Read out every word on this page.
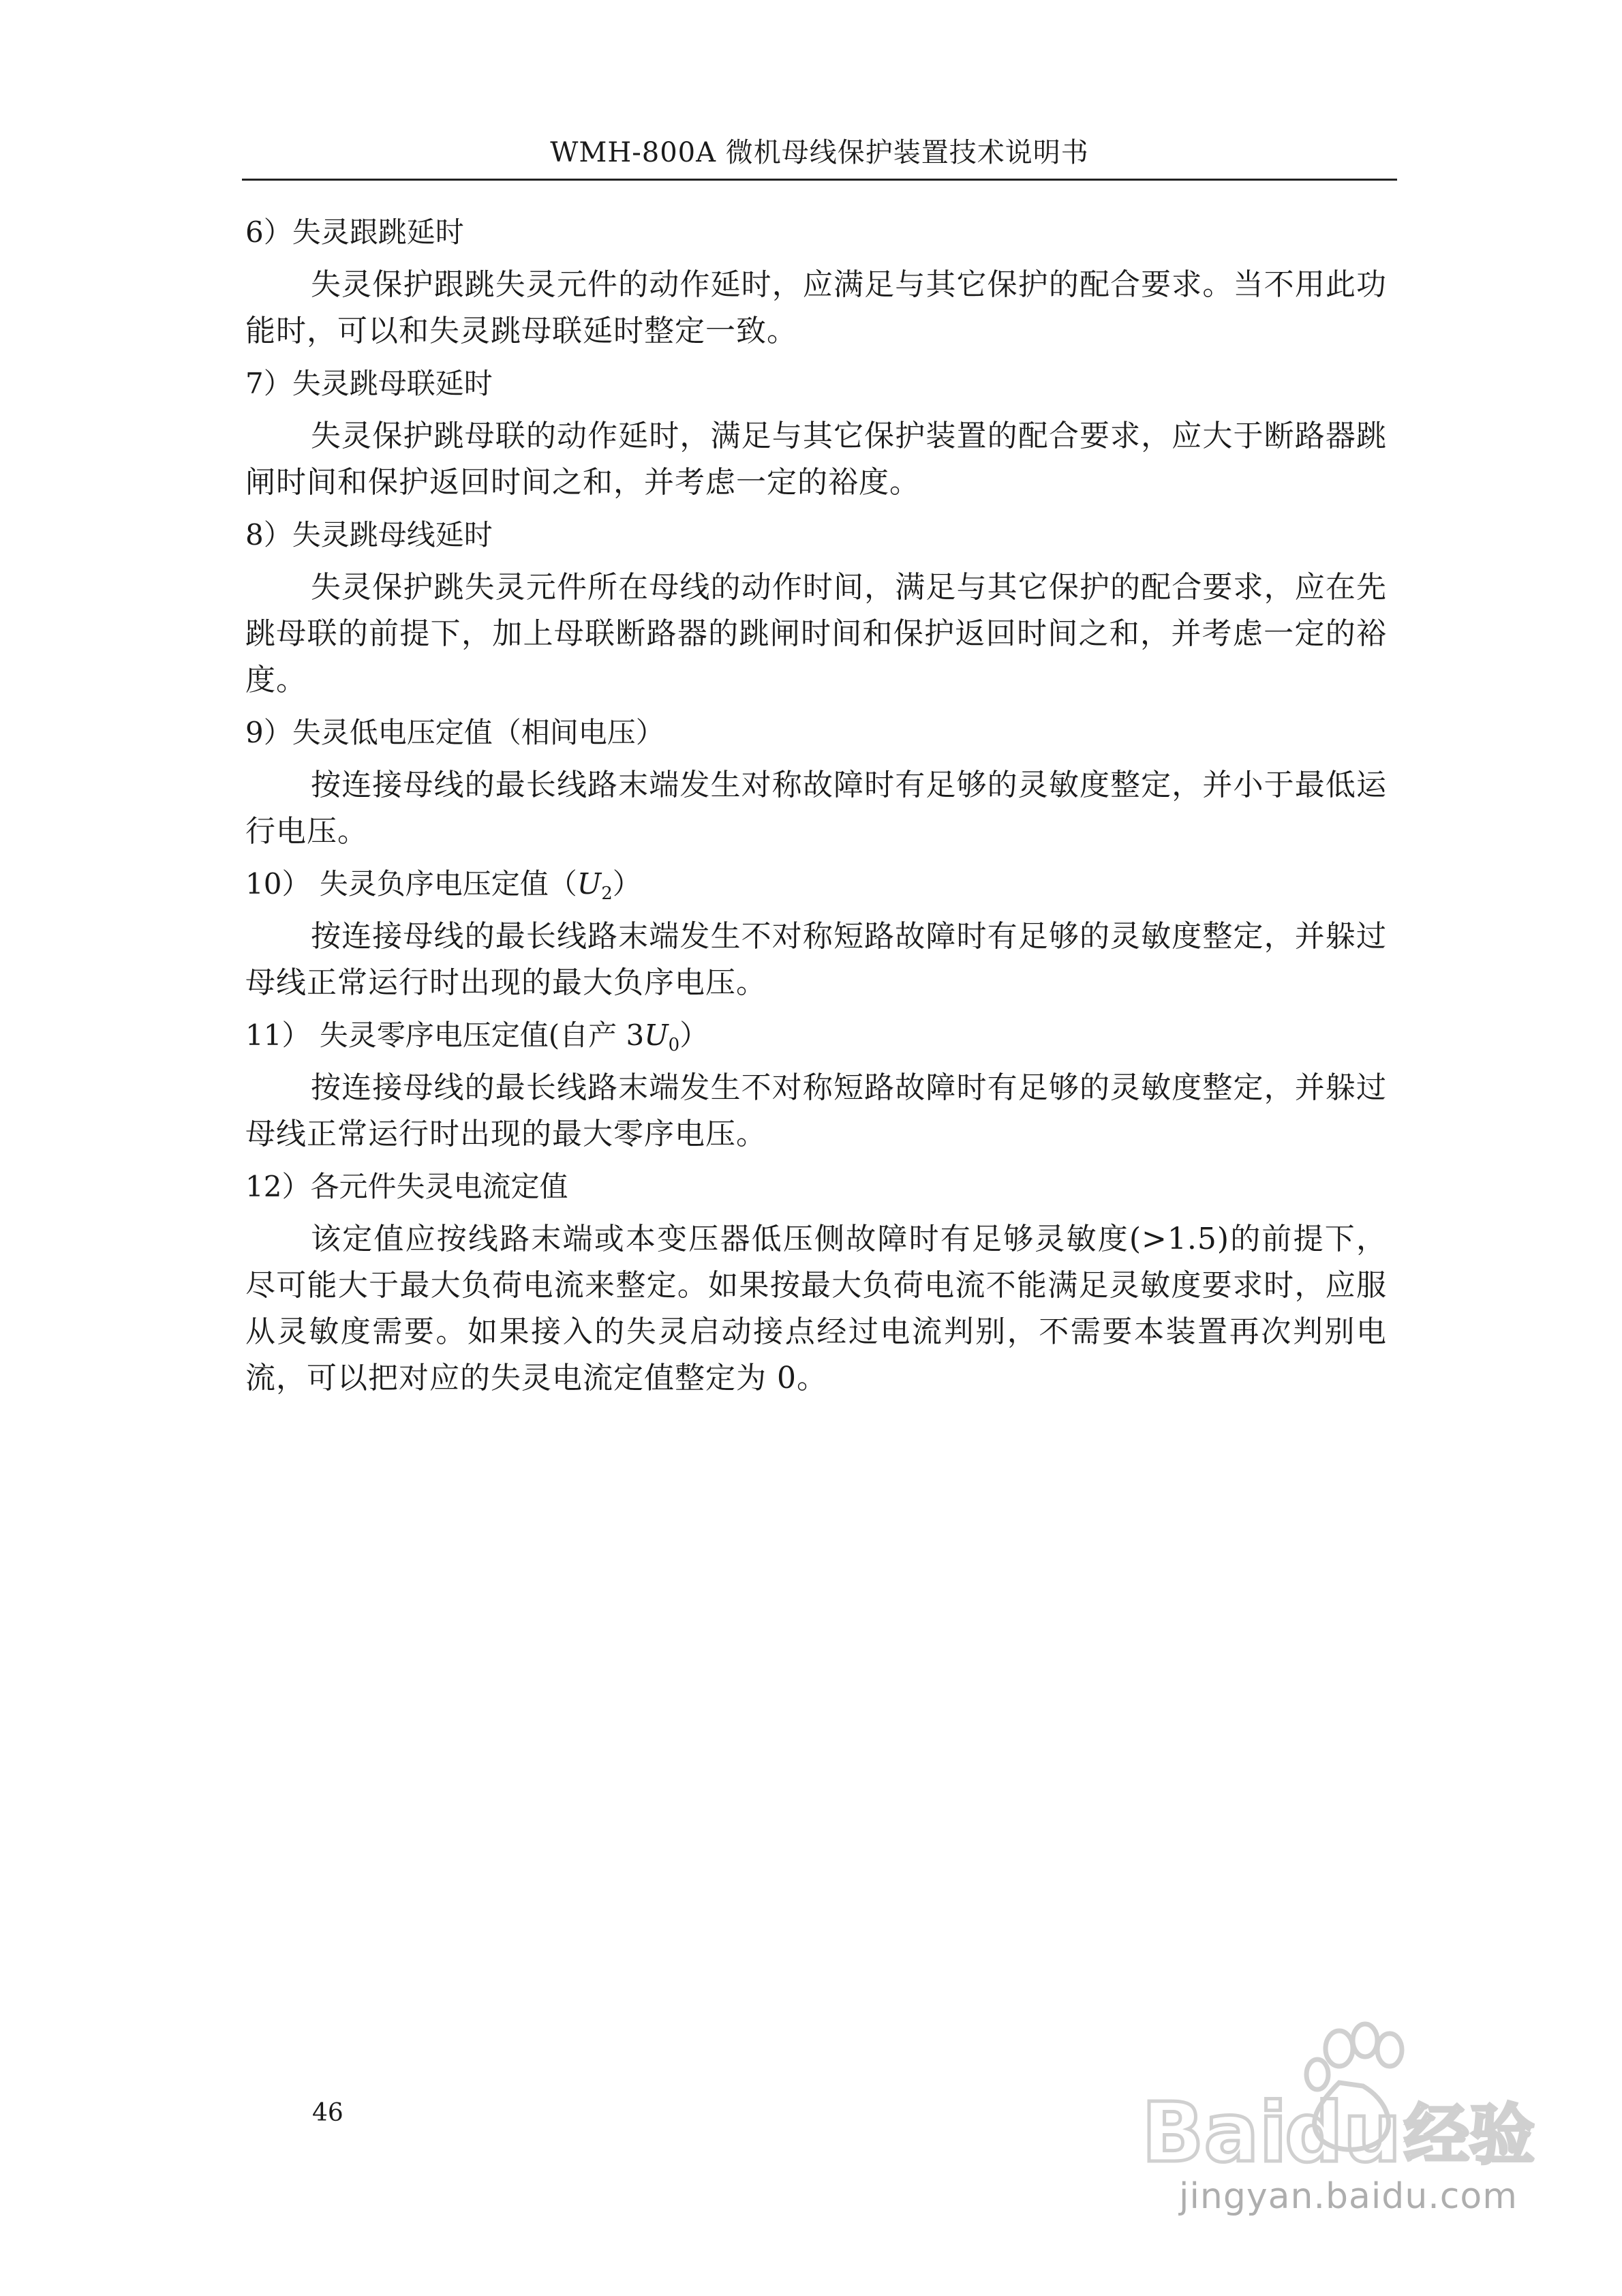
WMH-800A 微机母线保护装置技术说明书
6）失灵跟跳延时

失灵保护跟跳失灵元件的动作延时，应满足与其它保护的配合要求。当不用此功能时，可以和失灵跳母联延时整定一致。

7）失灵跳母联延时

失灵保护跳母联的动作延时，满足与其它保护装置的配合要求，应大于断路器跳闸时间和保护返回时间之和，并考虑一定的裕度。

8）失灵跳母线延时

失灵保护跳失灵元件所在母线的动作时间，满足与其它保护的配合要求，应在先跳母联的前提下，加上母联断路器的跳闸时间和保护返回时间之和，并考虑一定的裕度。

9）失灵低电压定值（相间电压）

按连接母线的最长线路末端发生对称故障时有足够的灵敏度整定，并小于最低运行电压。

10） 失灵负序电压定值$(U_2)$

按连接母线的最长线路末端发生不对称短路故障时有足够的灵敏度整定，并躲过母线正常运行时出现的最大负序电压。

11） 失灵零序电压定值(自产 $3U_0$）

按连接母线的最长线路末端发生不对称短路故障时有足够的灵敏度整定，并躲过母线正常运行时出现的最大零序电压。

12）各元件失灵电流定值

该定值应按线路末端或本变压器低压侧故障时有足够灵敏度(>1.5)的前提下，尽可能大于最大负荷电流来整定。如果按最大负荷电流不能满足灵敏度要求时，应服从灵敏度需要。如果接入的失灵启动接点经过电流判别，不需要本装置再次判别电流，可以把对应的失灵电流定值整定为 0。

46	Bai
du 经验
jingyan.baidu.com
